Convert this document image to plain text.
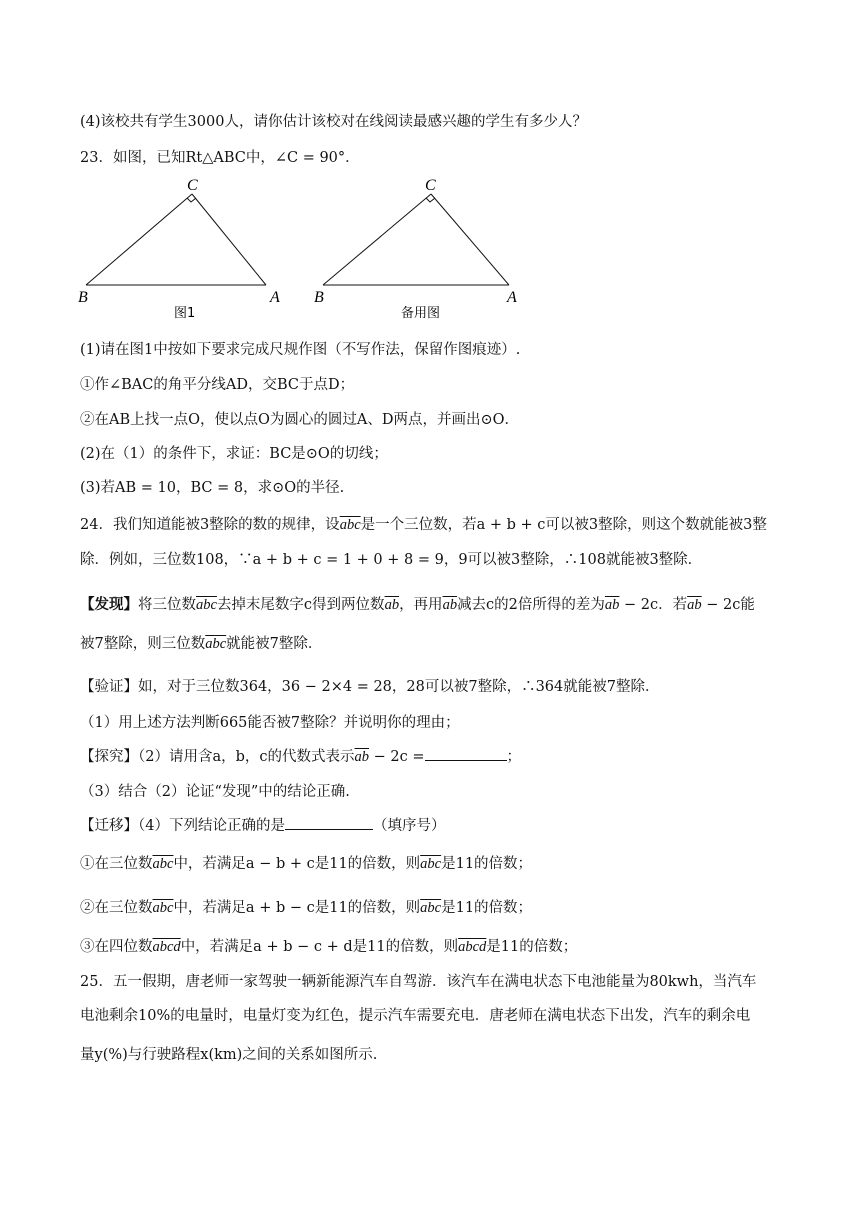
(4)该校共有学生3000人，请你估计该校对在线阅读最感兴趣的学生有多少人？
23．如图，已知Rt△ABC中，∠C = 90°．
C
B	A
图1
C
B	A
备用图
(1)请在图1中按如下要求完成尺规作图（不写作法，保留作图痕迹）.
①作∠BAC的角平分线AD，交BC于点D；
②在AB上找一点O，使以点O为圆心的圆过A、D两点，并画出⊙O．
(2)在（1）的条件下，求证：BC是⊙O的切线；
(3)若AB = 10，BC = 8，求⊙O的半径.
24．我们知道能被3整除的数的规律，设$\overline{abc}$是一个三位数，若a + b + c可以被3整除，则这个数就能被3整
除．例如，三位数108，∵a + b + c = 1 + 0 + 8 = 9，9可以被3整除，∴108就能被3整除．
【发现】将三位数$\overline{abc}$去掉末尾数字c得到两位数$\overline{ab}$，再用$\overline{ab}$减去c的2倍所得的差为$\overline{ab} - 2c$．若$\overline{ab} - 2c$能
被7整除，则三位数$\overline{abc}$就能被7整除．
【验证】如，对于三位数364，36 − 2×4 = 28，28可以被7整除，∴364就能被7整除．
（1）用上述方法判断665能否被7整除？并说明你的理由；
【探究】（2）请用含a，b，c的代数式表示$\overline{ab} - 2c$ =	；
（3）结合（2）论证“发现”中的结论正确.
【迁移】（4）下列结论正确的是	（填序号）
①在三位数$\overline{abc}$中，若满足a − b + c是11的倍数，则$\overline{abc}$是11的倍数；
②在三位数$\overline{abc}$中，若满足a + b − c是11的倍数，则$\overline{abc}$是11的倍数；
③在四位数abcd中，若满足a + b − c + d是11的倍数，则abcd是11的倍数；
25．五一假期，唐老师一家驾驶一辆新能源汽车自驾游．该汽车在满电状态下电池能量为80kwh，当汽车
电池剩余10%的电量时，电量灯变为红色，提示汽车需要充电．唐老师在满电状态下出发，汽车的剩余电
量y(%)与行驶路程x(km)之间的关系如图所示.
